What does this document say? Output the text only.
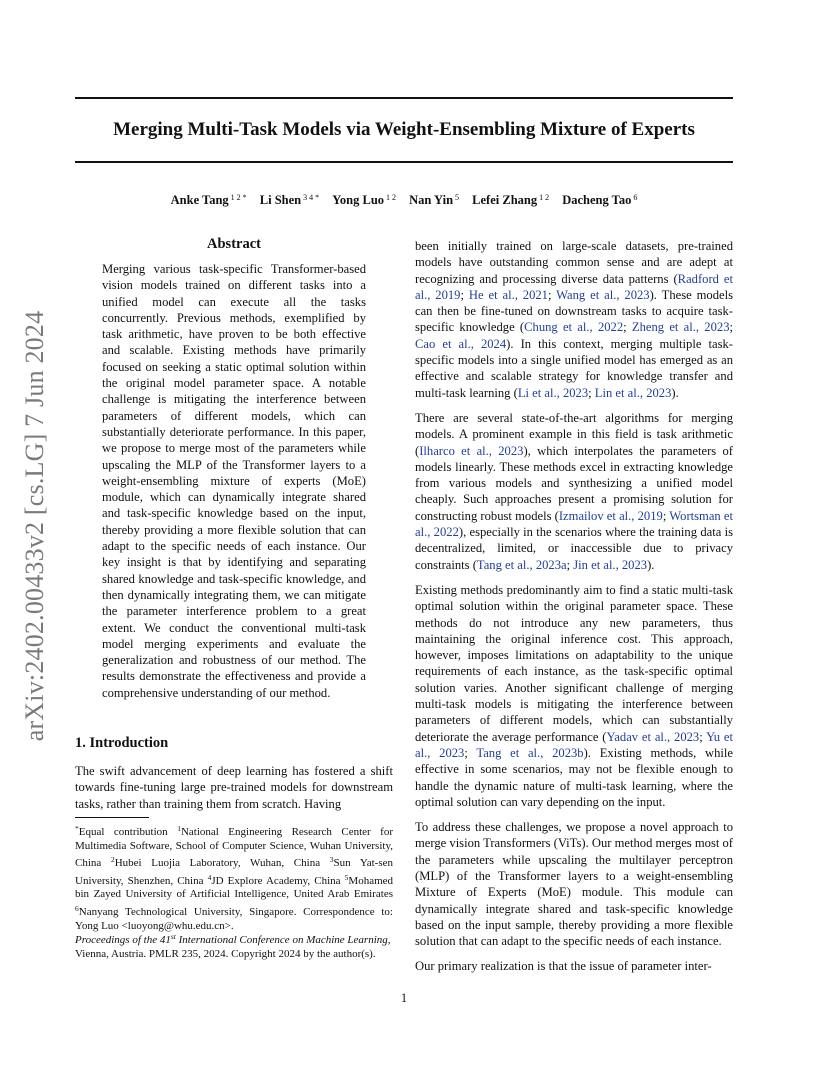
Merging Multi-Task Models via Weight-Ensembling Mixture of Experts
Anke Tang $^{1 2 *}$ Li Shen $^{3 4 *}$ Yong Luo $^{1 2}$ Nan Yin $^5$ Lefei Zhang $^{1 2}$ Dacheng Tao $^6$
arXiv:2402.00433v2 [cs.LG] 7 Jun 2024
Abstract
Merging various task-specific Transformer-based vision models trained on different tasks into a unified model can execute all the tasks concurrently. Previous methods, exemplified by task arithmetic, have proven to be both effective and scalable. Existing methods have primarily focused on seeking a static optimal solution within the original model parameter space. A notable challenge is mitigating the interference between parameters of different models, which can substantially deteriorate performance. In this paper, we propose to merge most of the parameters while upscaling the MLP of the Transformer layers to a weight-ensembling mixture of experts (MoE) module, which can dynamically integrate shared and task-specific knowledge based on the input, thereby providing a more flexible solution that can adapt to the specific needs of each instance. Our key insight is that by identifying and separating shared knowledge and task-specific knowledge, and then dynamically integrating them, we can mitigate the parameter interference problem to a great extent. We conduct the conventional multi-task model merging experiments and evaluate the generalization and robustness of our method. The results demonstrate the effectiveness and provide a comprehensive understanding of our method.
1. Introduction
The swift advancement of deep learning has fostered a shift towards fine-tuning large pre-trained models for downstream tasks, rather than training them from scratch. Having
*Equal contribution $^1$National Engineering Research Center for Multimedia Software, School of Computer Science, Wuhan University, China $^2$Hubei Luojia Laboratory, Wuhan, China $^3$Sun Yat-sen University, Shenzhen, China $^4$JD Explore Academy, China $^5$Mohamed bin Zayed University of Artificial Intelligence, United Arab Emirates $^6$Nanyang Technological University, Singapore. Correspondence to: Yong Luo <luoyong@whu.edu.cn>.
Proceedings of the 41st International Conference on Machine Learning, Vienna, Austria. PMLR 235, 2024. Copyright 2024 by the author(s).

been initially trained on large-scale datasets, pre-trained models have outstanding common sense and are adept at recognizing and processing diverse data patterns (Radford et al., 2019; He et al., 2021; Wang et al., 2023). These models can then be fine-tuned on downstream tasks to acquire task-specific knowledge (Chung et al., 2022; Zheng et al., 2023; Cao et al., 2024). In this context, merging multiple task-specific models into a single unified model has emerged as an effective and scalable strategy for knowledge transfer and multi-task learning (Li et al., 2023; Lin et al., 2023).

There are several state-of-the-art algorithms for merging models. A prominent example in this field is task arithmetic (Ilharco et al., 2023), which interpolates the parameters of models linearly. These methods excel in extracting knowledge from various models and synthesizing a unified model cheaply. Such approaches present a promising solution for constructing robust models (Izmailov et al., 2019; Wortsman et al., 2022), especially in the scenarios where the training data is decentralized, limited, or inaccessible due to privacy constraints (Tang et al., 2023a; Jin et al., 2023).

Existing methods predominantly aim to find a static multi-task optimal solution within the original parameter space. These methods do not introduce any new parameters, thus maintaining the original inference cost. This approach, however, imposes limitations on adaptability to the unique requirements of each instance, as the task-specific optimal solution varies. Another significant challenge of merging multi-task models is mitigating the interference between parameters of different models, which can substantially deteriorate the average performance (Yadav et al., 2023; Yu et al., 2023; Tang et al., 2023b). Existing methods, while effective in some scenarios, may not be flexible enough to handle the dynamic nature of multi-task learning, where the optimal solution can vary depending on the input.

To address these challenges, we propose a novel approach to merge vision Transformers (ViTs). Our method merges most of the parameters while upscaling the multilayer perceptron (MLP) of the Transformer layers to a weight-ensembling Mixture of Experts (MoE) module. This module can dynamically integrate shared and task-specific knowledge based on the input sample, thereby providing a more flexible solution that can adapt to the specific needs of each instance.

Our primary realization is that the issue of parameter inter-

1
